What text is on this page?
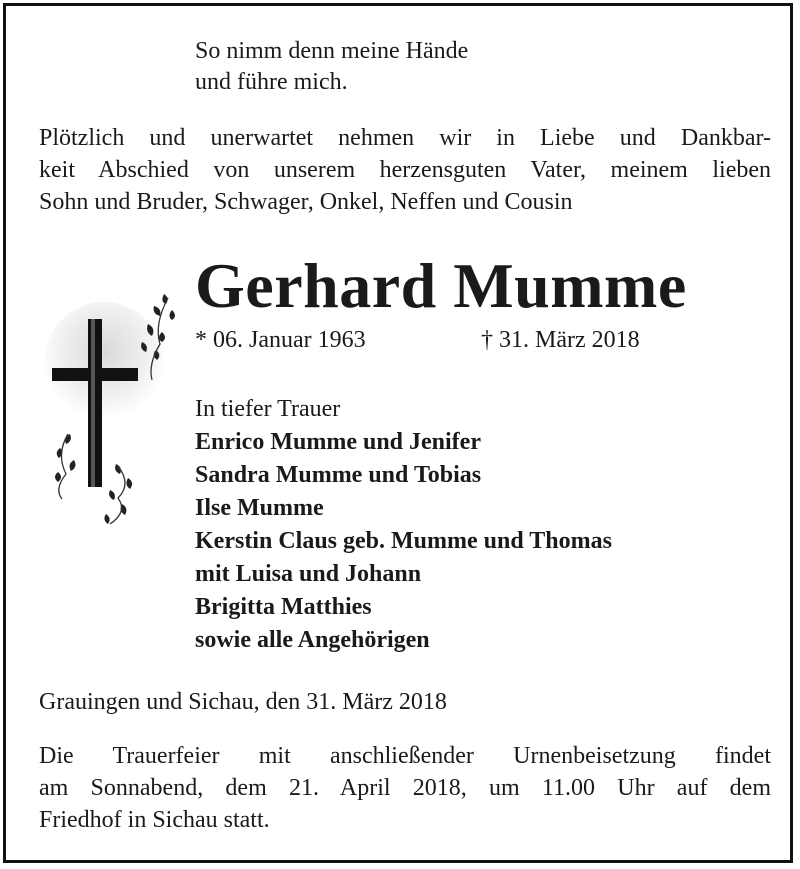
So nimm denn meine Hände
und führe mich.
Plötzlich und unerwartet nehmen wir in Liebe und Dankbar-
keit Abschied von unserem herzensguten Vater, meinem lieben
Sohn und Bruder, Schwager, Onkel, Neffen und Cousin
Gerhard Mumme
* 06. Januar 1963	† 31. März 2018
In tiefer Trauer
Enrico Mumme und Jenifer
Sandra Mumme und Tobias
Ilse Mumme
Kerstin Claus geb. Mumme und Thomas
mit Luisa und Johann
Brigitta Matthies
sowie alle Angehörigen
Grauingen und Sichau, den 31. März 2018
Die Trauerfeier mit anschließender Urnenbeisetzung findet
am Sonnabend, dem 21. April 2018, um 11.00 Uhr auf dem
Friedhof in Sichau statt.
